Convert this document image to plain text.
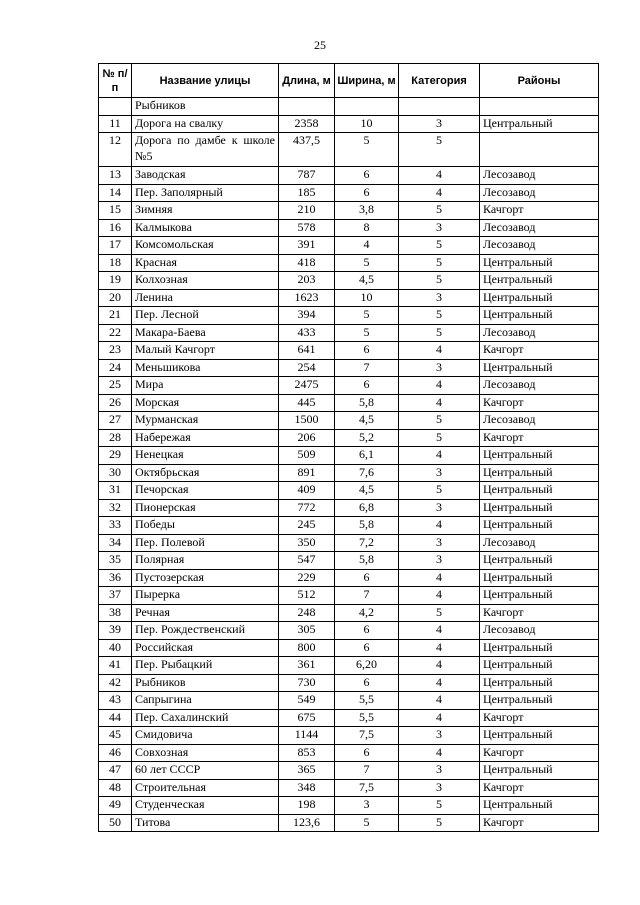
25
№ п/п	Название улицы	Длина, м	Ширина, м	Категория	Районы
	Рыбников				
11	Дорога на свалку	2358	10	3	Центральный
12	Дорога по дамбе к школе №5	437,5	5	5	
13	Заводская	787	6	4	Лесозавод
14	Пер. Заполярный	185	6	4	Лесозавод
15	Зимняя	210	3,8	5	Качгорт
16	Калмыкова	578	8	3	Лесозавод
17	Комсомольская	391	4	5	Лесозавод
18	Красная	418	5	5	Центральный
19	Колхозная	203	4,5	5	Центральный
20	Ленина	1623	10	3	Центральный
21	Пер. Лесной	394	5	5	Центральный
22	Макара-Баева	433	5	5	Лесозавод
23	Малый Качгорт	641	6	4	Качгорт
24	Меньшикова	254	7	3	Центральный
25	Мира	2475	6	4	Лесозавод
26	Морская	445	5,8	4	Качгорт
27	Мурманская	1500	4,5	5	Лесозавод
28	Набережая	206	5,2	5	Качгорт
29	Ненецкая	509	6,1	4	Центральный
30	Октябрьская	891	7,6	3	Центральный
31	Печорская	409	4,5	5	Центральный
32	Пионерская	772	6,8	3	Центральный
33	Победы	245	5,8	4	Центральный
34	Пер. Полевой	350	7,2	3	Лесозавод
35	Полярная	547	5,8	3	Центральный
36	Пустозерская	229	6	4	Центральный
37	Пырерка	512	7	4	Центральный
38	Речная	248	4,2	5	Качгорт
39	Пер. Рождественский	305	6	4	Лесозавод
40	Российская	800	6	4	Центральный
41	Пер. Рыбацкий	361	6,20	4	Центральный
42	Рыбников	730	6	4	Центральный
43	Сапрыгина	549	5,5	4	Центральный
44	Пер. Сахалинский	675	5,5	4	Качгорт
45	Смидовича	1144	7,5	3	Центральный
46	Совхозная	853	6	4	Качгорт
47	60 лет СССР	365	7	3	Центральный
48	Строительная	348	7,5	3	Качгорт
49	Студенческая	198	3	5	Центральный
50	Титова	123,6	5	5	Качгорт
